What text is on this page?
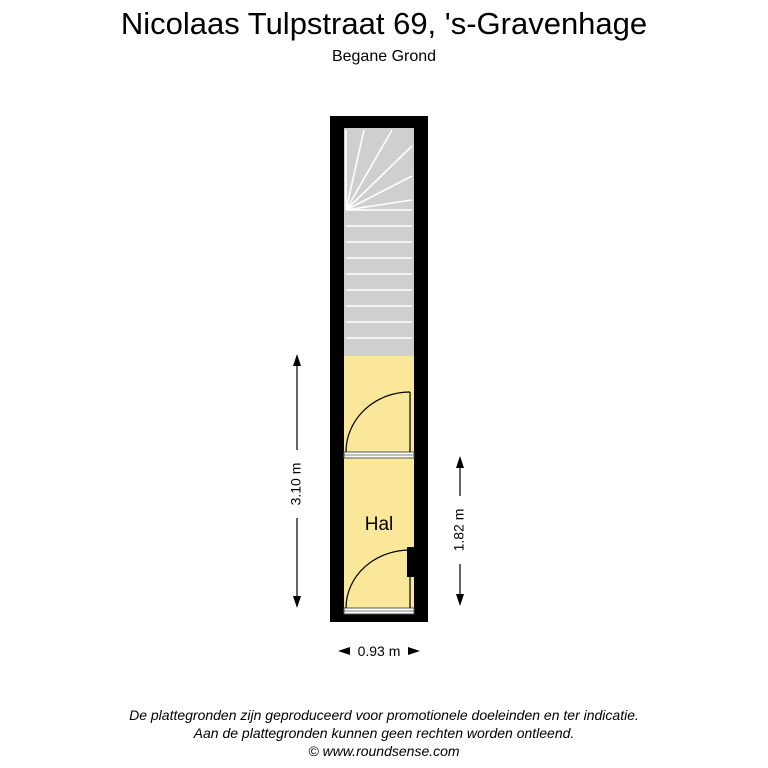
Nicolaas Tulpstraat 69, 's-Gravenhage
Begane Grond
Hal
3.10 m
1.82 m
0.93 m
De plattegronden zijn geproduceerd voor promotionele doeleinden en ter indicatie.
Aan de plattegronden kunnen geen rechten worden ontleend.
© www.roundsense.com
